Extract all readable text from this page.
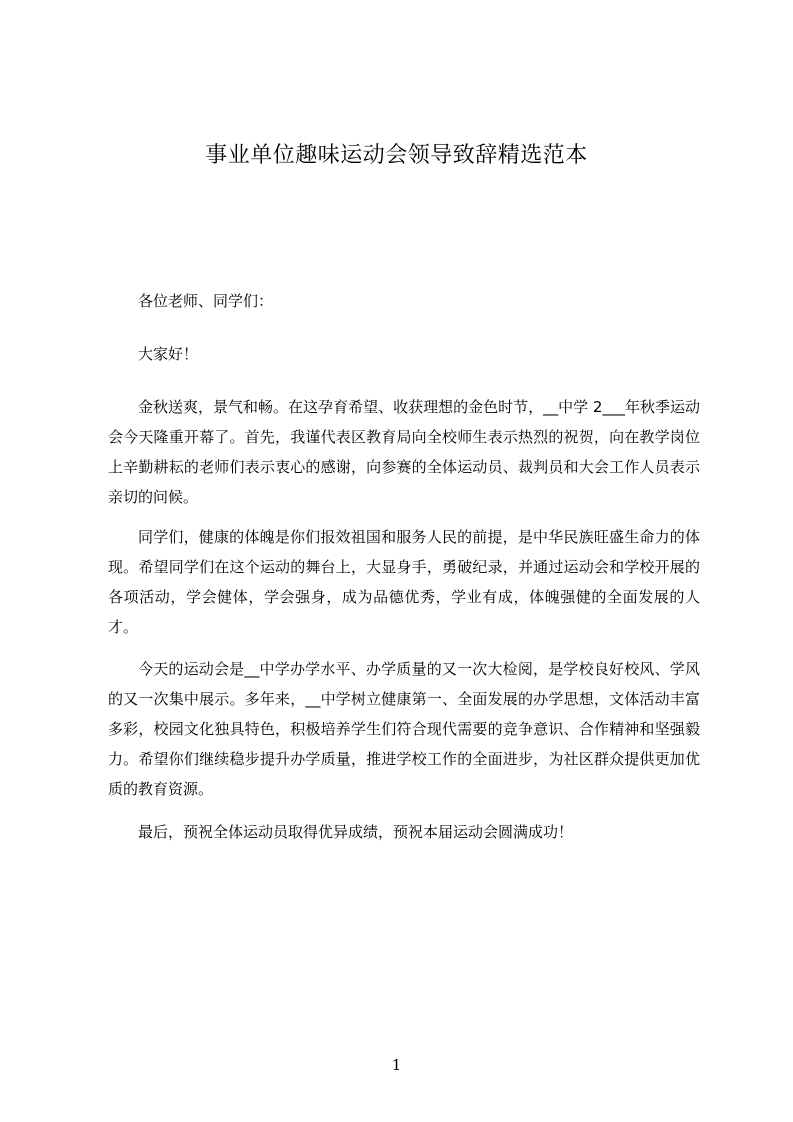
事业单位趣味运动会领导致辞精选范本

各位老师、同学们：

大家好！

金秋送爽，景气和畅。在这孕育希望、收获理想的金色时节，__中学 2___年秋季运动会今天隆重开幕了。首先，我谨代表区教育局向全校师生表示热烈的祝贺，向在教学岗位上辛勤耕耘的老师们表示衷心的感谢，向参赛的全体运动员、裁判员和大会工作人员表示亲切的问候。

同学们，健康的体魄是你们报效祖国和服务人民的前提，是中华民族旺盛生命力的体现。希望同学们在这个运动的舞台上，大显身手，勇破纪录，并通过运动会和学校开展的各项活动，学会健体，学会强身，成为品德优秀，学业有成，体魄强健的全面发展的人才。

今天的运动会是__中学办学水平、办学质量的又一次大检阅，是学校良好校风、学风的又一次集中展示。多年来，__中学树立健康第一、全面发展的办学思想，文体活动丰富多彩，校园文化独具特色，积极培养学生们符合现代需要的竞争意识、合作精神和坚强毅力。希望你们继续稳步提升办学质量，推进学校工作的全面进步，为社区群众提供更加优质的教育资源。

最后，预祝全体运动员取得优异成绩，预祝本届运动会圆满成功！

1
